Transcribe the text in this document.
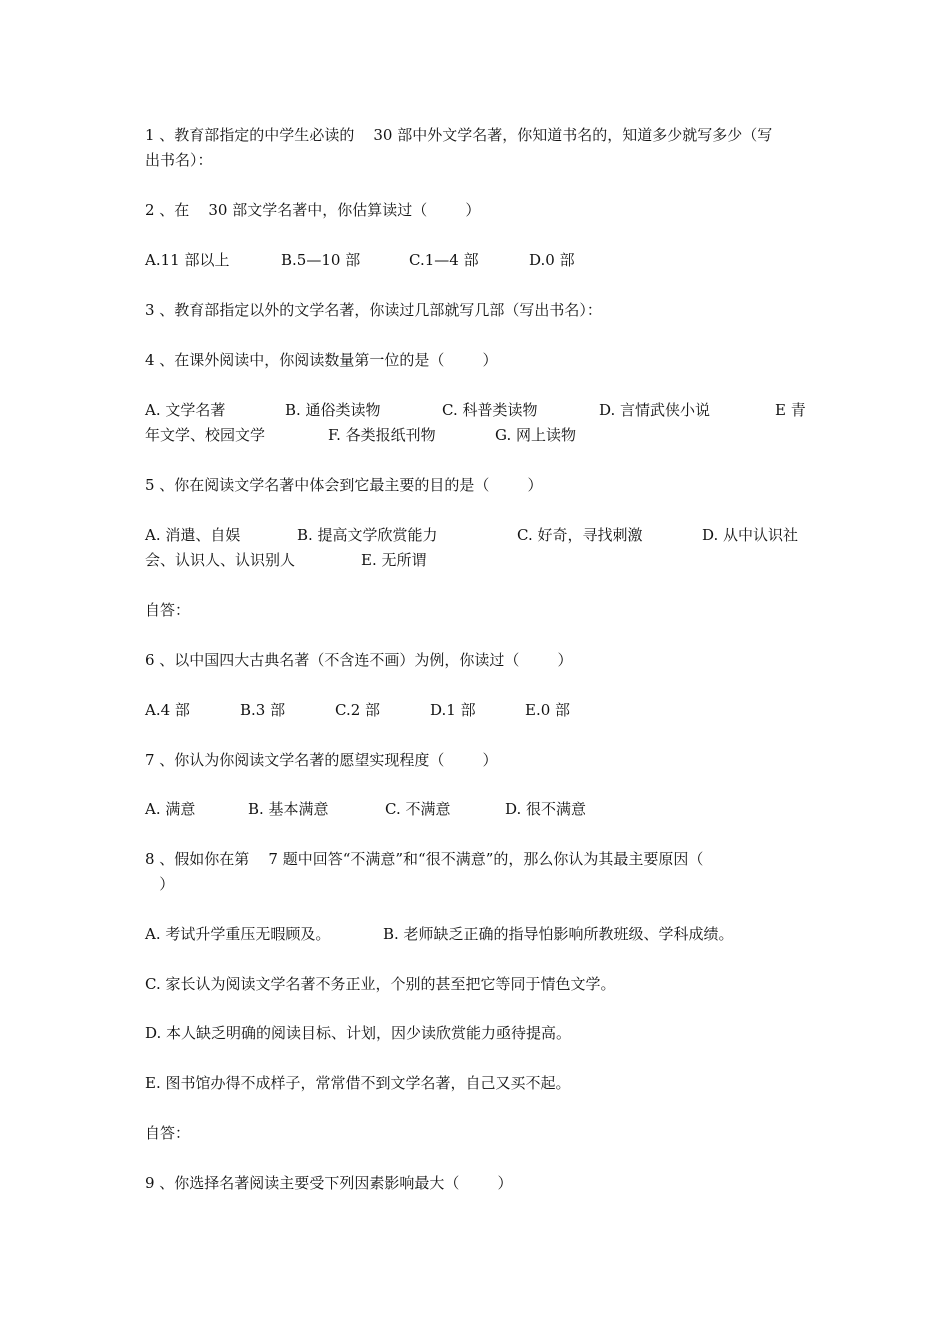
1 、教育部指定的中学生必读的    30 部中外文学名著，你知道书名的，知道多少就写多少（写
出书名）：
2 、在    30 部文学名著中，你估算读过（        ）
A.11 部以上	B.5—10 部	C.1—4 部	D.0 部
3 、教育部指定以外的文学名著，你读过几部就写几部（写出书名）：
4 、在课外阅读中，你阅读数量第一位的是（        ）
A. 文学名著	B. 通俗类读物	C. 科普类读物	D. 言情武侠小说	E 青
年文学、校园文学	F. 各类报纸刊物	G. 网上读物
5 、你在阅读文学名著中体会到它最主要的目的是（        ）
A. 消遣、自娱	B. 提高文学欣赏能力	C. 好奇，寻找刺激	D. 从中认识社
会、认识人、认识别人	E. 无所谓
自答：
6 、以中国四大古典名著（不含连不画）为例，你读过（        ）
A.4 部	B.3 部	C.2 部	D.1 部	E.0 部
7 、你认为你阅读文学名著的愿望实现程度（        ）
A. 满意	B. 基本满意	C. 不满意	D. 很不满意
8 、假如你在第    7 题中回答“不满意”和“很不满意”的，那么你认为其最主要原因（
）
A. 考试升学重压无暇顾及。	B. 老师缺乏正确的指导怕影响所教班级、学科成绩。
C. 家长认为阅读文学名著不务正业，个别的甚至把它等同于情色文学。
D. 本人缺乏明确的阅读目标、计划，因少读欣赏能力亟待提高。
E. 图书馆办得不成样子，常常借不到文学名著，自己又买不起。
自答：
9 、你选择名著阅读主要受下列因素影响最大（        ）
